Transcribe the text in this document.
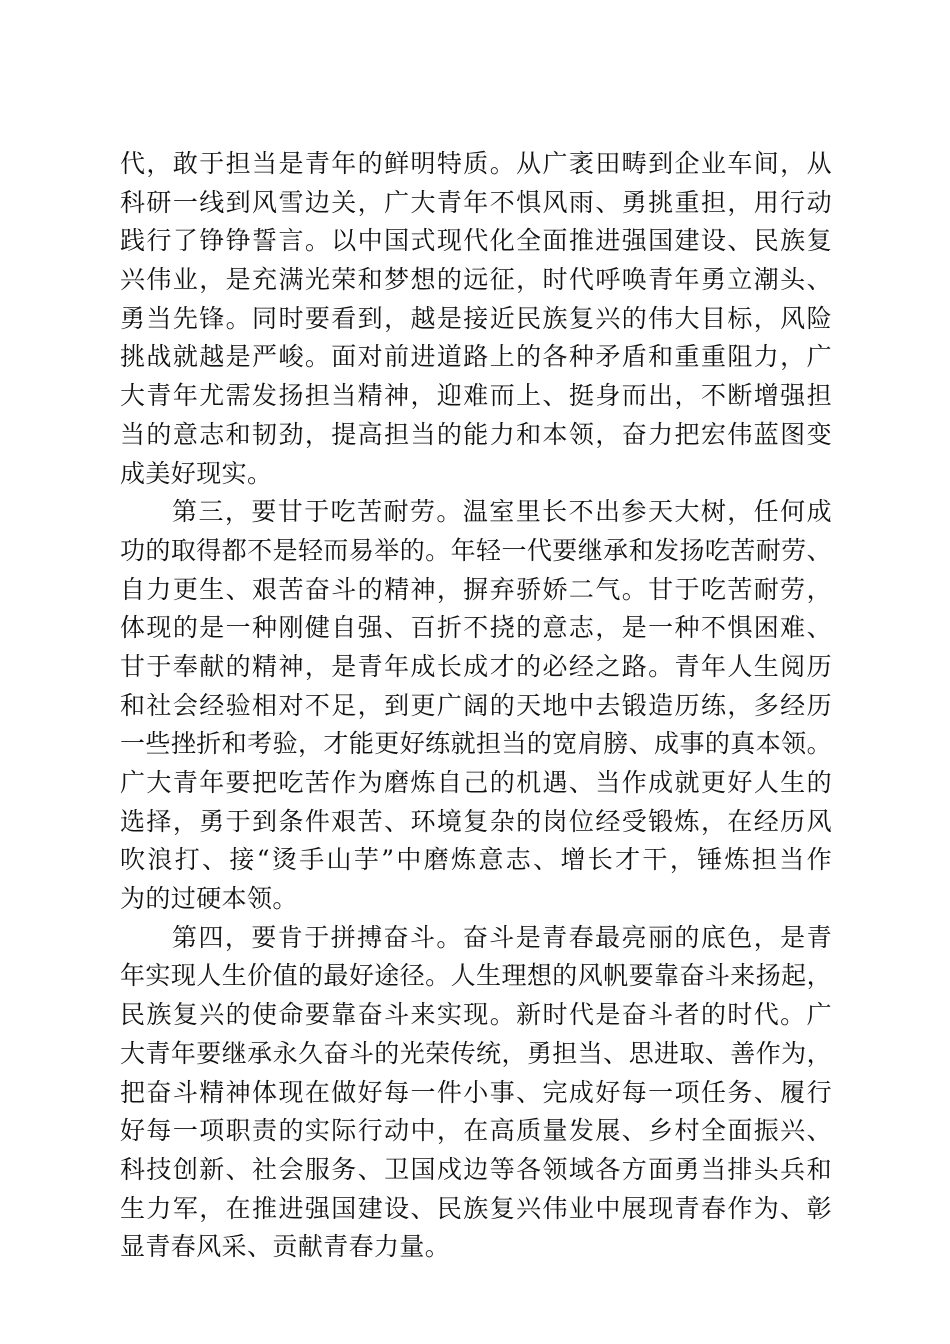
代，敢于担当是青年的鲜明特质。从广袤田畴到企业车间，从
科研一线到风雪边关，广大青年不惧风雨、勇挑重担，用行动
践行了铮铮誓言。以中国式现代化全面推进强国建设、民族复
兴伟业，是充满光荣和梦想的远征，时代呼唤青年勇立潮头、
勇当先锋。同时要看到，越是接近民族复兴的伟大目标，风险
挑战就越是严峻。面对前进道路上的各种矛盾和重重阻力，广
大青年尤需发扬担当精神，迎难而上、挺身而出，不断增强担
当的意志和韧劲，提高担当的能力和本领，奋力把宏伟蓝图变
成美好现实。
第三，要甘于吃苦耐劳。温室里长不出参天大树，任何成
功的取得都不是轻而易举的。年轻一代要继承和发扬吃苦耐劳、
自力更生、艰苦奋斗的精神，摒弃骄娇二气。甘于吃苦耐劳，
体现的是一种刚健自强、百折不挠的意志，是一种不惧困难、
甘于奉献的精神，是青年成长成才的必经之路。青年人生阅历
和社会经验相对不足，到更广阔的天地中去锻造历练，多经历
一些挫折和考验，才能更好练就担当的宽肩膀、成事的真本领。
广大青年要把吃苦作为磨炼自己的机遇、当作成就更好人生的
选择，勇于到条件艰苦、环境复杂的岗位经受锻炼，在经历风
吹浪打、接“烫手山芋”中磨炼意志、增长才干，锤炼担当作
为的过硬本领。
第四，要肯于拼搏奋斗。奋斗是青春最亮丽的底色，是青
年实现人生价值的最好途径。人生理想的风帆要靠奋斗来扬起，
民族复兴的使命要靠奋斗来实现。新时代是奋斗者的时代。广
大青年要继承永久奋斗的光荣传统，勇担当、思进取、善作为，
把奋斗精神体现在做好每一件小事、完成好每一项任务、履行
好每一项职责的实际行动中，在高质量发展、乡村全面振兴、
科技创新、社会服务、卫国戍边等各领域各方面勇当排头兵和
生力军，在推进强国建设、民族复兴伟业中展现青春作为、彰
显青春风采、贡献青春力量。
